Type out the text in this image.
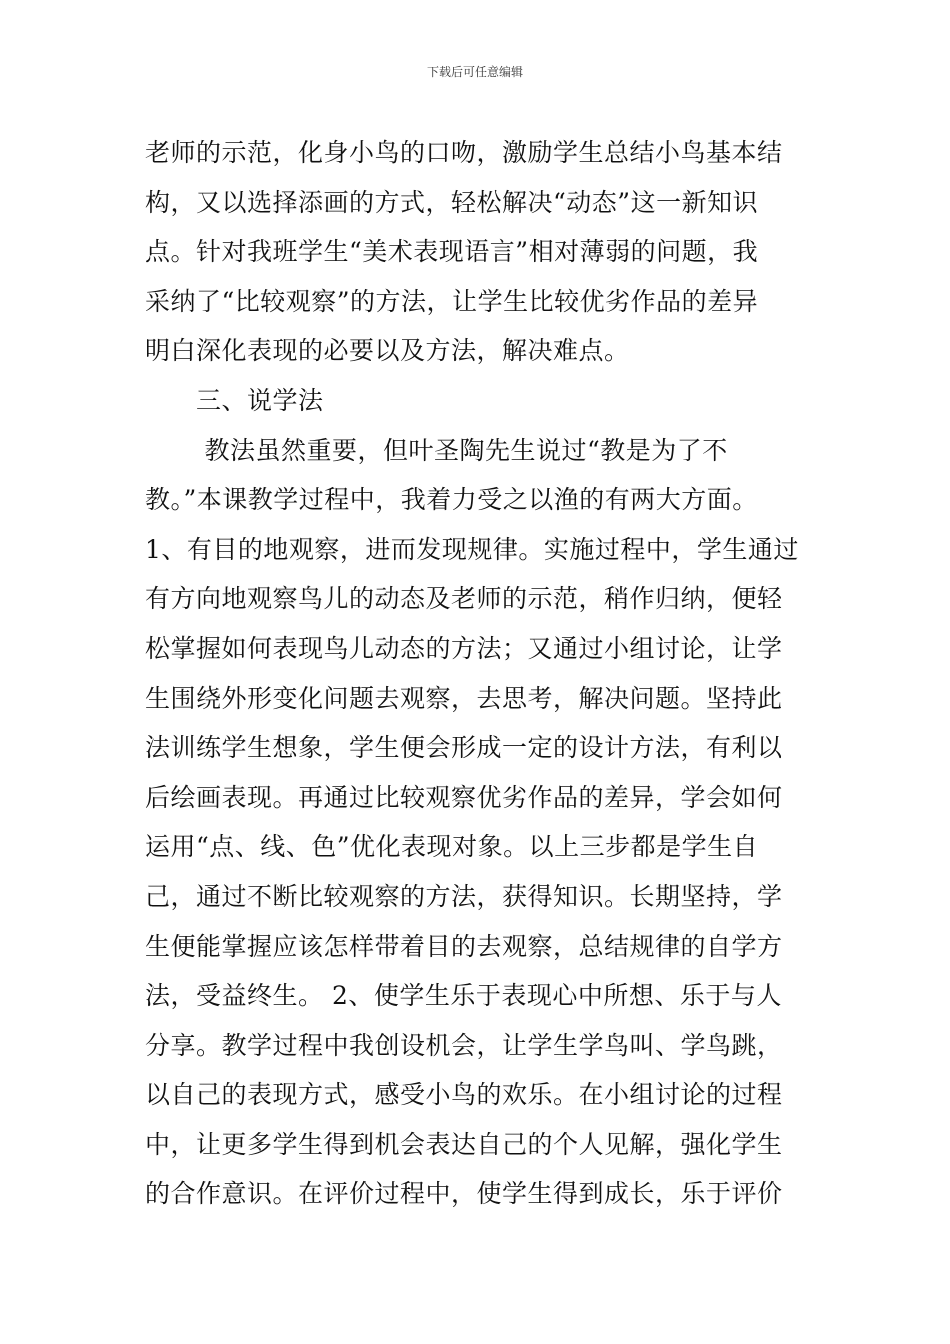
下载后可任意编辑
老师的示范，化身小鸟的口吻，激励学生总结小鸟基本结
构，又以选择添画的方式，轻松解决“动态”这一新知识
点。针对我班学生“美术表现语言”相对薄弱的问题，我
采纳了“比较观察”的方法，让学生比较优劣作品的差异
明白深化表现的必要以及方法，解决难点。
　　三、说学法
　　 教法虽然重要，但叶圣陶先生说过“教是为了不
教。”本课教学过程中，我着力受之以渔的有两大方面。
1、有目的地观察，进而发现规律。实施过程中，学生通过
有方向地观察鸟儿的动态及老师的示范，稍作归纳，便轻
松掌握如何表现鸟儿动态的方法；又通过小组讨论，让学
生围绕外形变化问题去观察，去思考，解决问题。坚持此
法训练学生想象，学生便会形成一定的设计方法，有利以
后绘画表现。再通过比较观察优劣作品的差异，学会如何
运用“点、线、色”优化表现对象。以上三步都是学生自
己，通过不断比较观察的方法，获得知识。长期坚持，学
生便能掌握应该怎样带着目的去观察，总结规律的自学方
法，受益终生。 2、使学生乐于表现心中所想、乐于与人
分享。教学过程中我创设机会，让学生学鸟叫、学鸟跳，
以自己的表现方式，感受小鸟的欢乐。在小组讨论的过程
中，让更多学生得到机会表达自己的个人见解，强化学生
的合作意识。在评价过程中，使学生得到成长，乐于评价
